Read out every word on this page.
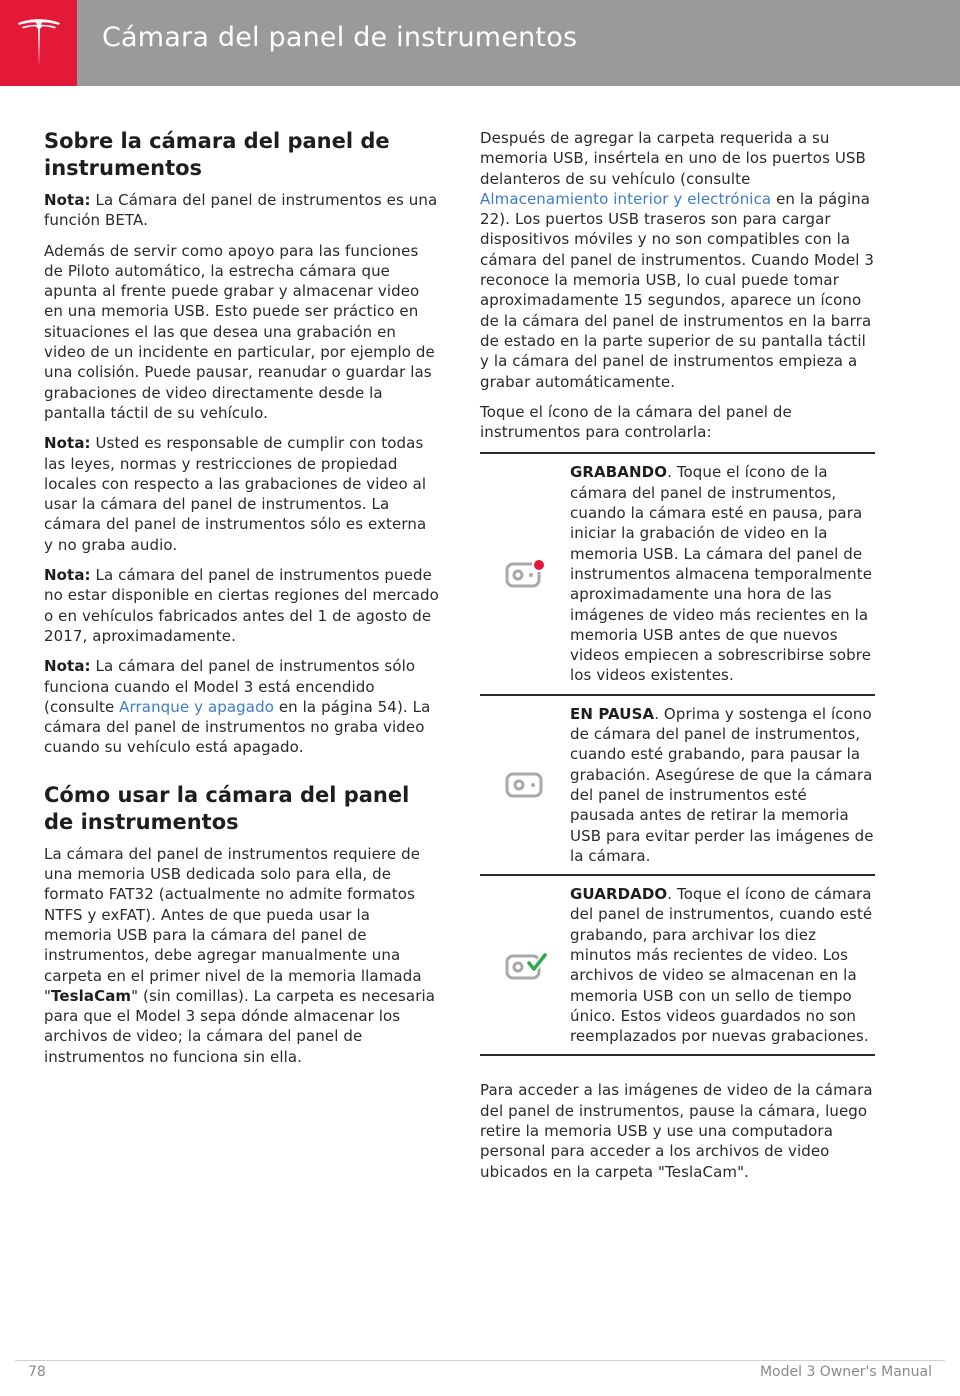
Cámara del panel de instrumentos
Sobre la cámara del panel de instrumentos

Nota: La Cámara del panel de instrumentos es una función BETA.

Además de servir como apoyo para las funciones de Piloto automático, la estrecha cámara que apunta al frente puede grabar y almacenar video en una memoria USB. Esto puede ser práctico en situaciones el las que desea una grabación en video de un incidente en particular, por ejemplo de una colisión. Puede pausar, reanudar o guardar las grabaciones de video directamente desde la pantalla táctil de su vehículo.

Nota: Usted es responsable de cumplir con todas las leyes, normas y restricciones de propiedad locales con respecto a las grabaciones de video al usar la cámara del panel de instrumentos. La cámara del panel de instrumentos sólo es externa y no graba audio.

Nota: La cámara del panel de instrumentos puede no estar disponible en ciertas regiones del mercado o en vehículos fabricados antes del 1 de agosto de 2017, aproximadamente.

Nota: La cámara del panel de instrumentos sólo funciona cuando el Model 3 está encendido (consulte Arranque y apagado en la página 54). La cámara del panel de instrumentos no graba video cuando su vehículo está apagado.

Cómo usar la cámara del panel de instrumentos

La cámara del panel de instrumentos requiere de una memoria USB dedicada solo para ella, de formato FAT32 (actualmente no admite formatos NTFS y exFAT). Antes de que pueda usar la memoria USB para la cámara del panel de instrumentos, debe agregar manualmente una carpeta en el primer nivel de la memoria llamada "TeslaCam" (sin comillas). La carpeta es necesaria para que el Model 3 sepa dónde almacenar los archivos de video; la cámara del panel de instrumentos no funciona sin ella.

Después de agregar la carpeta requerida a su memoria USB, insértela en uno de los puertos USB delanteros de su vehículo (consulte Almacenamiento interior y electrónica en la página 22). Los puertos USB traseros son para cargar dispositivos móviles y no son compatibles con la cámara del panel de instrumentos. Cuando Model 3 reconoce la memoria USB, lo cual puede tomar aproximadamente 15 segundos, aparece un ícono de la cámara del panel de instrumentos en la barra de estado en la parte superior de su pantalla táctil y la cámara del panel de instrumentos empieza a grabar automáticamente.

Toque el ícono de la cámara del panel de instrumentos para controlarla:

GRABANDO. Toque el ícono de la cámara del panel de instrumentos, cuando la cámara esté en pausa, para iniciar la grabación de video en la memoria USB. La cámara del panel de instrumentos almacena temporalmente aproximadamente una hora de las imágenes de video más recientes en la memoria USB antes de que nuevos videos empiecen a sobrescribirse sobre los videos existentes.

EN PAUSA. Oprima y sostenga el ícono de cámara del panel de instrumentos, cuando esté grabando, para pausar la grabación. Asegúrese de que la cámara del panel de instrumentos esté pausada antes de retirar la memoria USB para evitar perder las imágenes de la cámara.

GUARDADO. Toque el ícono de cámara del panel de instrumentos, cuando esté grabando, para archivar los diez minutos más recientes de video. Los archivos de video se almacenan en la memoria USB con un sello de tiempo único. Estos videos guardados no son reemplazados por nuevas grabaciones.

Para acceder a las imágenes de video de la cámara del panel de instrumentos, pause la cámara, luego retire la memoria USB y use una computadora personal para acceder a los archivos de video ubicados en la carpeta "TeslaCam".

78	Model 3 Owner's Manual
